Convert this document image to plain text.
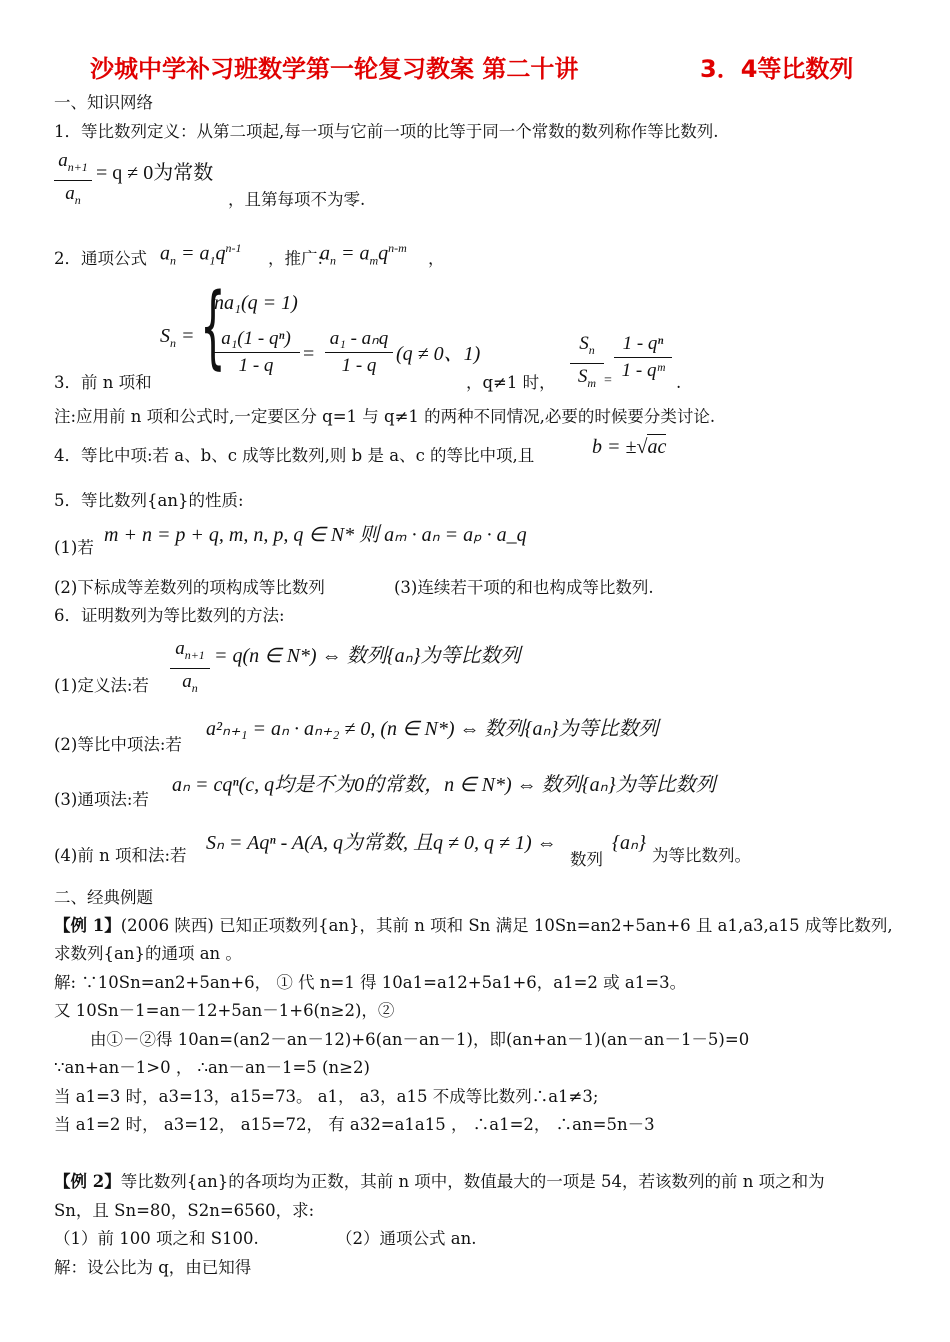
沙城中学补习班数学第一轮复习教案 第二十讲	3．4等比数列
一、知识网络
1．等比数列定义：从第二项起,每一项与它前一项的比等于同一个常数的数列称作等比数列.
$a_{n+1}$
$a_n$
= q ≠ 0为常数
，且第每项不为零.
2．通项公式 $a_n = a_1q^{n-1}$
，推广:
$a_n = a_mq^{n-m}$
，
$S_n$ = {
na₁(q = 1)
a₁(1 - qⁿ)
1 - q
=
a₁ - aₙq
1 - q
(q ≠ 0、1)
3．前 n 项和	，q≠1 时，
$S_n$
$S_m$ =
1 - qⁿ
1 - qᵐ
.
注:应用前 n 项和公式时,一定要区分 q=1 与 q≠1 的两种不同情况,必要的时候要分类讨论.
4．等比中项:若 a、b、c 成等比数列,则 b 是 a、c 的等比中项,且	b = ±√ac
5．等比数列{an}的性质:
(1)若
m + n = p + q, m, n, p, q ∈ N* 则 aₘ · aₙ = aₚ · a_q
(2)下标成等差数列的项构成等比数列	(3)连续若干项的和也构成等比数列.
6．证明数列为等比数列的方法:
$a_{n+1}$
$a_n$
= q(n ∈ N*) ⇔ 数列{aₙ}为等比数列
(1)定义法:若
(2)等比中项法:若
a²ₙ₊₁ = aₙ · aₙ₊₂ ≠ 0, (n ∈ N*) ⇔ 数列{aₙ}为等比数列
(3)通项法:若
aₙ = cqⁿ(c, q均是不为0的常数，n ∈ N*) ⇔ 数列{aₙ}为等比数列
(4)前 n 项和法:若
Sₙ = Aqⁿ - A(A, q为常数, 且q ≠ 0, q ≠ 1) ⇔
数列
{aₙ}
为等比数列。
二、经典例题
【例 1】(2006 陕西) 已知正项数列{an}，其前 n 项和 Sn 满足 10Sn=an2+5an+6 且 a1,a3,a15 成等比数列,
求数列{an}的通项 an 。
解: ∵10Sn=an2+5an+6， ① 代 n=1 得 10a1=a12+5a1+6，a1=2 或 a1=3。
又 10Sn－1=an－12+5an－1+6(n≥2)，②
由①－②得 10an=(an2－an－12)+6(an－an－1)，即(an+an－1)(an－an－1－5)=0
∵an+an－1>0 ， ∴an－an－1=5 (n≥2)
当 a1=3 时，a3=13，a15=73。 a1， a3，a15 不成等比数列∴a1≠3;
当 a1=2 时， a3=12， a15=72， 有 a32=a1a15 ， ∴a1=2， ∴an=5n－3
【例 2】等比数列{an}的各项均为正数，其前 n 项中，数值最大的一项是 54，若该数列的前 n 项之和为
Sn，且 Sn=80，S2n=6560，求:
（1）前 100 项之和 S100.	（2）通项公式 an.
解：设公比为 q，由已知得
